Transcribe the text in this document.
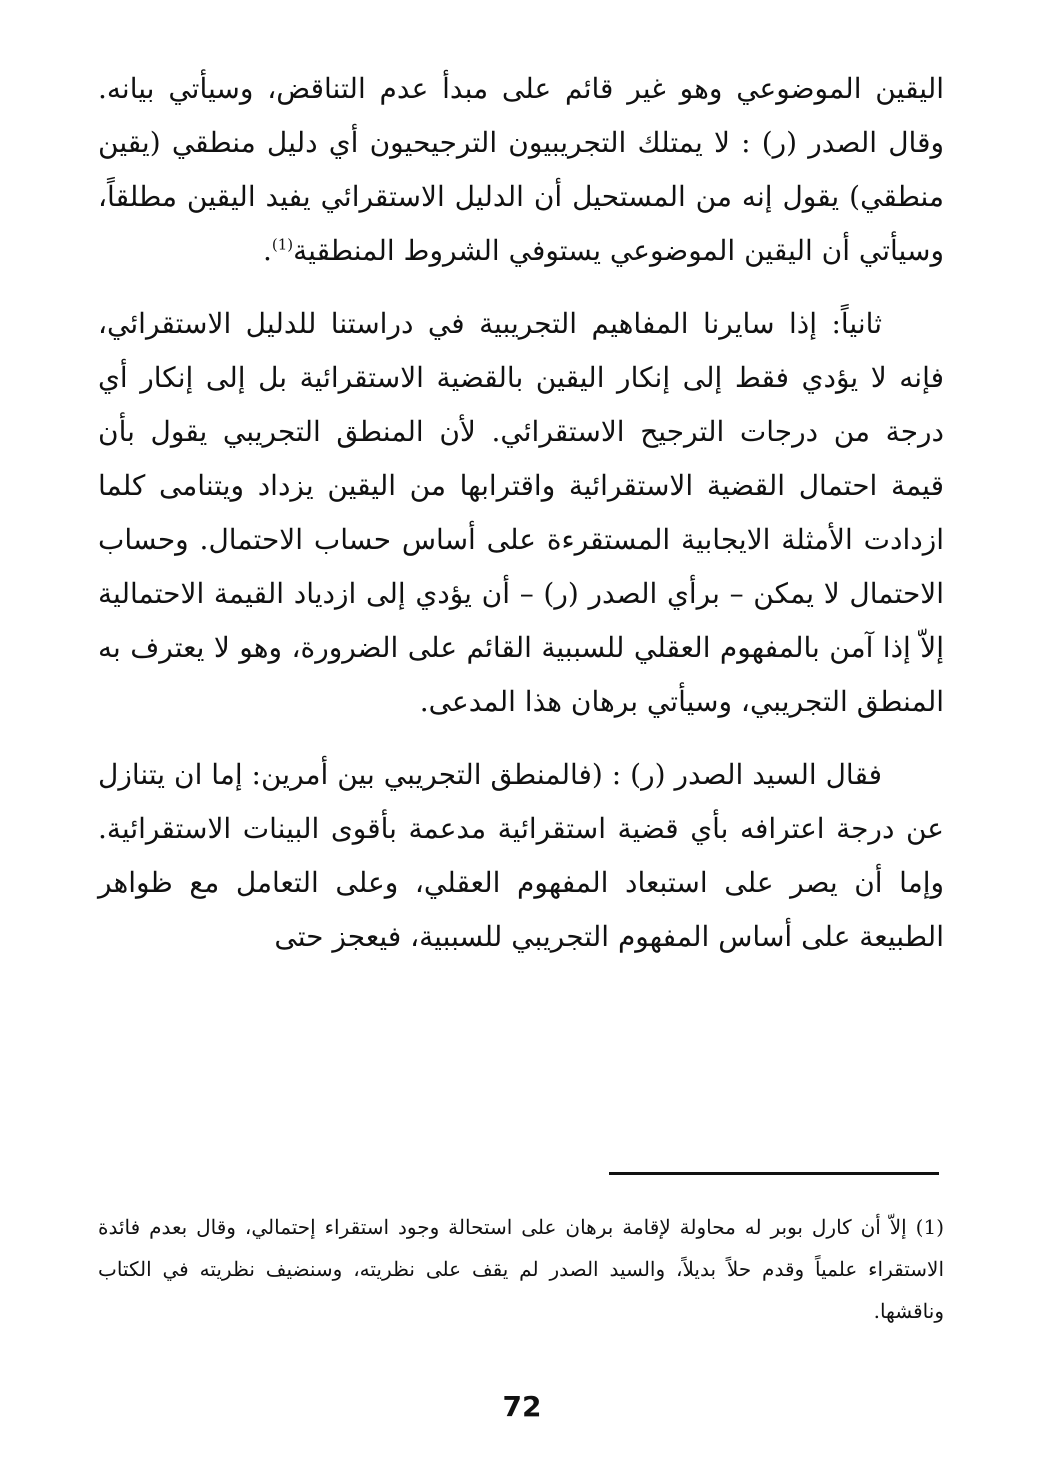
اليقين الموضوعي وهو غير قائم على مبدأ عدم التناقض، وسيأتي بيانه. وقال الصدر (ر) : لا يمتلك التجريبيون الترجيحيون أي دليل منطقي (يقين منطقي) يقول إنه من المستحيل أن الدليل الاستقرائي يفيد اليقين مطلقاً، وسيأتي أن اليقين الموضوعي يستوفي الشروط المنطقية$^{(1)}$.

ثانياً: إذا سايرنا المفاهيم التجريبية في دراستنا للدليل الاستقرائي، فإنه لا يؤدي فقط إلى إنكار اليقين بالقضية الاستقرائية بل إلى إنكار أي درجة من درجات الترجيح الاستقرائي. لأن المنطق التجريبي يقول بأن قيمة احتمال القضية الاستقرائية واقترابها من اليقين يزداد ويتنامى كلما ازدادت الأمثلة الايجابية المستقرءة على أساس حساب الاحتمال. وحساب الاحتمال لا يمكن – برأي الصدر (ر) – أن يؤدي إلى ازدياد القيمة الاحتمالية إلاّ إذا آمن بالمفهوم العقلي للسببية القائم على الضرورة، وهو لا يعترف به المنطق التجريبي، وسيأتي برهان هذا المدعى.

فقال السيد الصدر (ر) : (فالمنطق التجريبي بين أمرين: إما ان يتنازل عن درجة اعترافه بأي قضية استقرائية مدعمة بأقوى البينات الاستقرائية. وإما أن يصر على استبعاد المفهوم العقلي، وعلى التعامل مع ظواهر الطبيعة على أساس المفهوم التجريبي للسببية، فيعجز حتى

(1) إلاّ أن كارل بوبر له محاولة لإقامة برهان على استحالة وجود استقراء إحتمالي، وقال بعدم فائدة الاستقراء علمياً وقدم حلاً بديلاً، والسيد الصدر لم يقف على نظريته، وسنضيف نظريته في الكتاب وناقشها.

72
